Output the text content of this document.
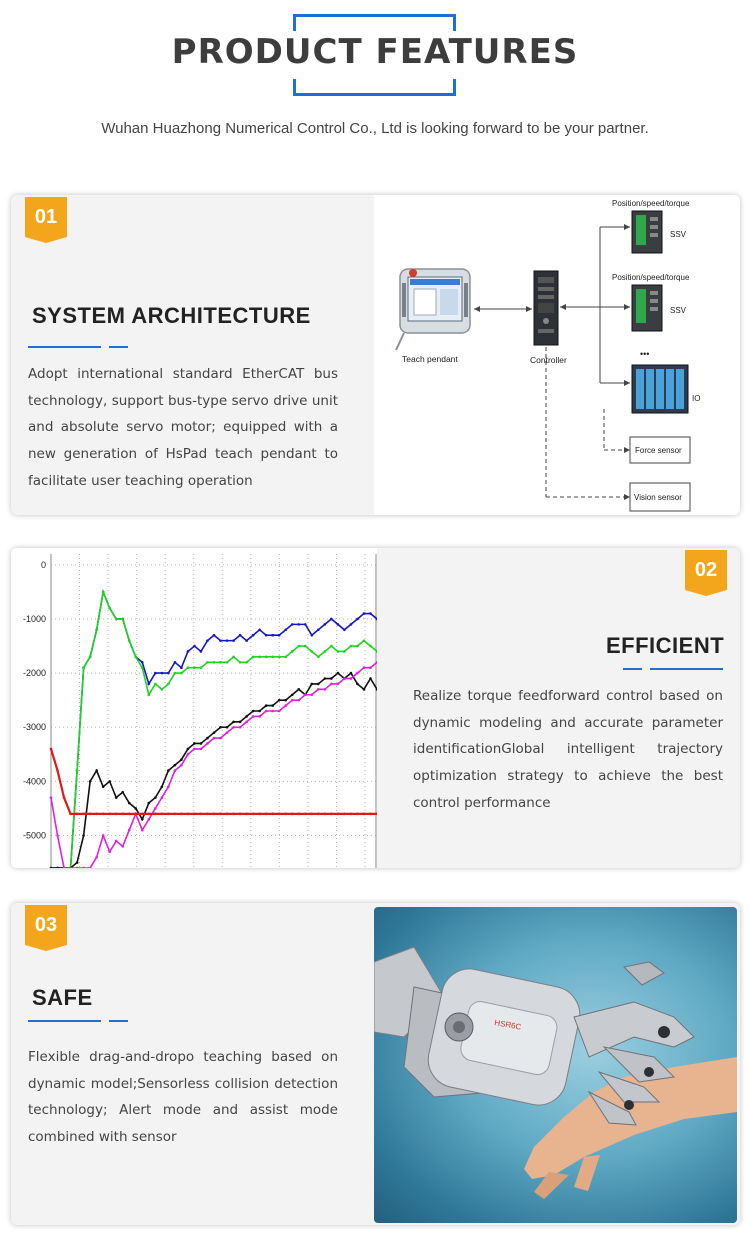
PRODUCT FEATURES
Wuhan Huazhong Numerical Control Co., Ltd is looking forward to be your partner.
01
SYSTEM ARCHITECTURE
Adopt international standard EtherCAT bus technology, support bus-type servo drive unit and absolute servo motor; equipped with a new generation of HsPad teach pendant to facilitate user teaching operation
Teach pendant	Controller
Position/speed/torque
SSV
Position/speed/torque
SSV
•••
IO
Force sensor
Vision sensor
0
-1000
-2000
-3000
-4000
-5000
02
EFFICIENT
Realize torque feedforward control based on dynamic modeling and accurate parameter identificationGlobal intelligent trajectory optimization strategy to achieve the best control performance
03
SAFE
Flexible drag-and-dropo teaching based on dynamic model;Sensorless collision detection technology; Alert mode and assist mode combined with sensor
HSR6C
